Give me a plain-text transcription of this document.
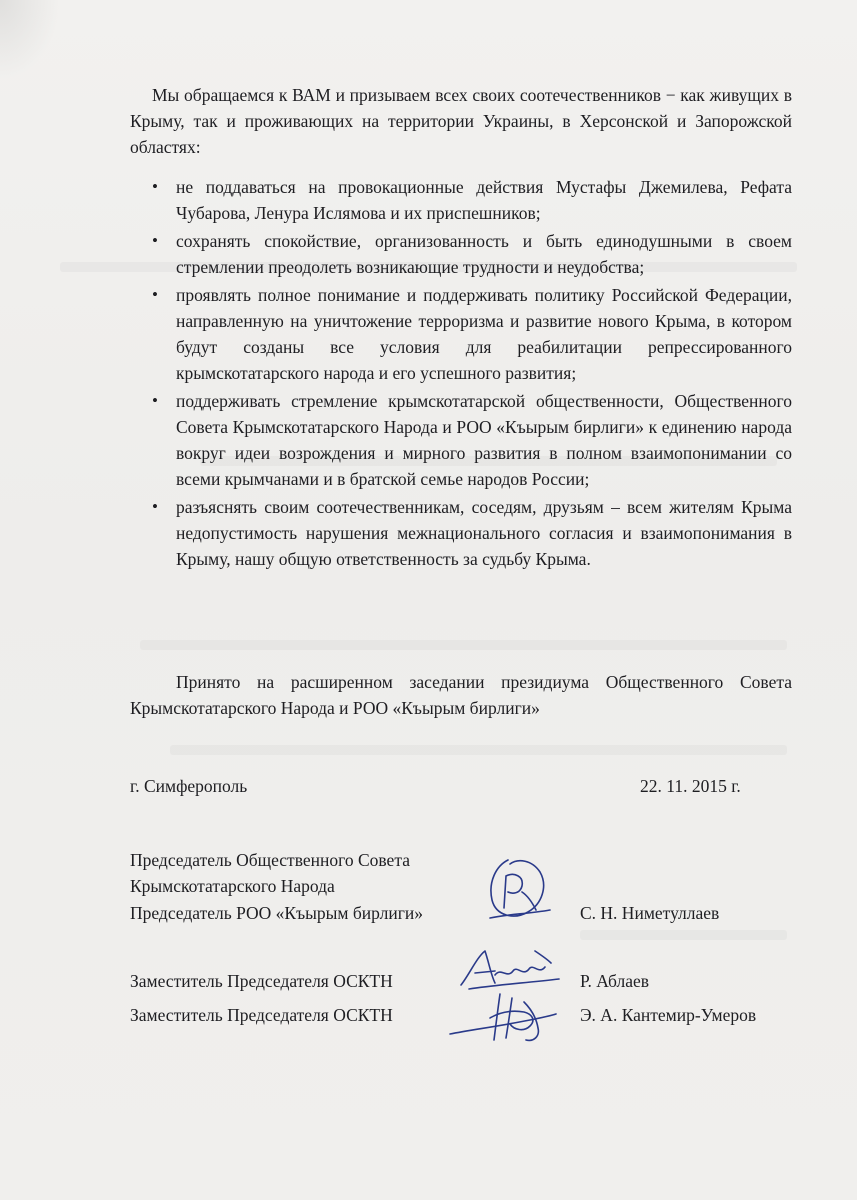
Мы обращаемся к ВАМ и призываем всех своих соотечественников − как живущих в Крыму, так и проживающих на территории Украины, в Херсонской и Запорожской областях:

• не поддаваться на провокационные действия Мустафы Джемилева, Рефата Чубарова, Ленура Ислямова и их приспешников;
• сохранять спокойствие, организованность и быть единодушными в своем стремлении преодолеть возникающие трудности и неудобства;
• проявлять полное понимание и поддерживать политику Российской Федерации, направленную на уничтожение терроризма и развитие нового Крыма, в котором будут созданы все условия для реабилитации репрессированного крымскотатарского народа и его успешного развития;
• поддерживать стремление крымскотатарской общественности, Общественного Совета Крымскотатарского Народа и РОО «Къырым бирлиги» к единению народа вокруг идеи возрождения и мирного развития в полном взаимопонимании со всеми крымчанами и в братской семье народов России;
• разъяснять своим соотечественникам, соседям, друзьям – всем жителям Крыма недопустимость нарушения межнационального согласия и взаимопонимания в Крыму, нашу общую ответственность за судьбу Крыма.

Принято на расширенном заседании президиума Общественного Совета Крымскотатарского Народа и РОО «Къырым бирлиги»

г. Симферополь	22. 11. 2015 г.
Председатель Общественного Совета
Крымскотатарского Народа
Председатель РОО «Къырым бирлиги»	С. Н. Ниметуллаев
Заместитель Председателя ОСКТН	Р. Аблаев
Заместитель Председателя ОСКТН	Э. А. Кантемир-Умеров
